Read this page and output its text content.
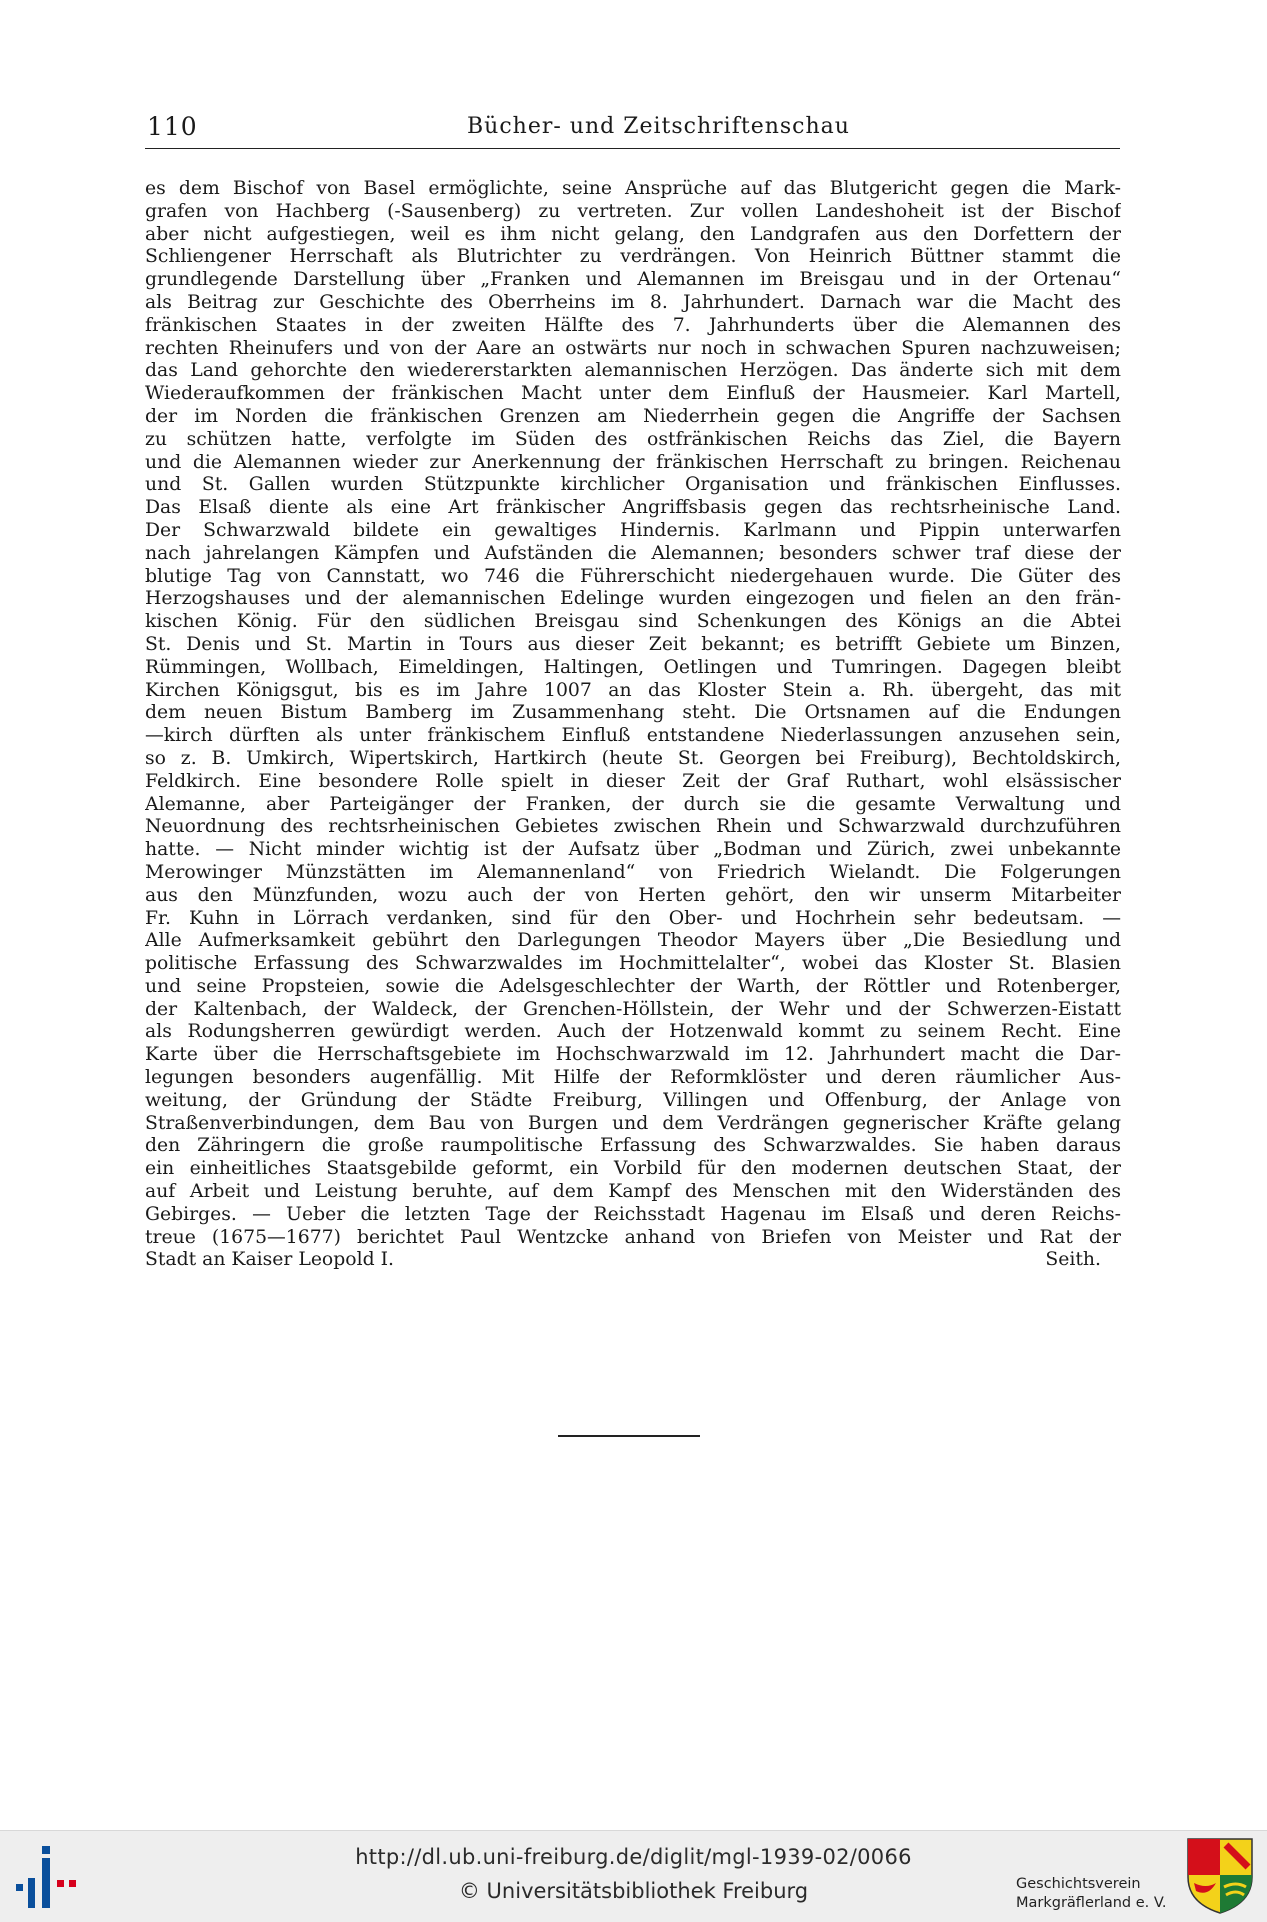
110	Bücher- und Zeitschriftenschau
es dem Bischof von Basel ermöglichte, seine Ansprüche auf das Blutgericht gegen die Mark-
grafen von Hachberg (-Sausenberg) zu vertreten. Zur vollen Landeshoheit ist der Bischof
aber nicht aufgestiegen, weil es ihm nicht gelang, den Landgrafen aus den Dorfettern der
Schliengener Herrschaft als Blutrichter zu verdrängen. Von Heinrich Büttner stammt die
grundlegende Darstellung über „Franken und Alemannen im Breisgau und in der Ortenau“
als Beitrag zur Geschichte des Oberrheins im 8. Jahrhundert. Darnach war die Macht des
fränkischen Staates in der zweiten Hälfte des 7. Jahrhunderts über die Alemannen des
rechten Rheinufers und von der Aare an ostwärts nur noch in schwachen Spuren nachzuweisen;
das Land gehorchte den wiedererstarkten alemannischen Herzögen. Das änderte sich mit dem
Wiederaufkommen der fränkischen Macht unter dem Einfluß der Hausmeier. Karl Martell,
der im Norden die fränkischen Grenzen am Niederrhein gegen die Angriffe der Sachsen
zu schützen hatte, verfolgte im Süden des ostfränkischen Reichs das Ziel, die Bayern
und die Alemannen wieder zur Anerkennung der fränkischen Herrschaft zu bringen. Reichenau
und St. Gallen wurden Stützpunkte kirchlicher Organisation und fränkischen Einflusses.
Das Elsaß diente als eine Art fränkischer Angriffsbasis gegen das rechtsrheinische Land.
Der Schwarzwald bildete ein gewaltiges Hindernis. Karlmann und Pippin unterwarfen
nach jahrelangen Kämpfen und Aufständen die Alemannen; besonders schwer traf diese der
blutige Tag von Cannstatt, wo 746 die Führerschicht niedergehauen wurde. Die Güter des
Herzogshauses und der alemannischen Edelinge wurden eingezogen und fielen an den frän-
kischen König. Für den südlichen Breisgau sind Schenkungen des Königs an die Abtei
St. Denis und St. Martin in Tours aus dieser Zeit bekannt; es betrifft Gebiete um Binzen,
Rümmingen, Wollbach, Eimeldingen, Haltingen, Oetlingen und Tumringen. Dagegen bleibt
Kirchen Königsgut, bis es im Jahre 1007 an das Kloster Stein a. Rh. übergeht, das mit
dem neuen Bistum Bamberg im Zusammenhang steht. Die Ortsnamen auf die Endungen
—kirch dürften als unter fränkischem Einfluß entstandene Niederlassungen anzusehen sein,
so z. B. Umkirch, Wipertskirch, Hartkirch (heute St. Georgen bei Freiburg), Bechtoldskirch,
Feldkirch. Eine besondere Rolle spielt in dieser Zeit der Graf Ruthart, wohl elsässischer
Alemanne, aber Parteigänger der Franken, der durch sie die gesamte Verwaltung und
Neuordnung des rechtsrheinischen Gebietes zwischen Rhein und Schwarzwald durchzuführen
hatte. — Nicht minder wichtig ist der Aufsatz über „Bodman und Zürich, zwei unbekannte
Merowinger Münzstätten im Alemannenland“ von Friedrich Wielandt. Die Folgerungen
aus den Münzfunden, wozu auch der von Herten gehört, den wir unserm Mitarbeiter
Fr. Kuhn in Lörrach verdanken, sind für den Ober- und Hochrhein sehr bedeutsam. —
Alle Aufmerksamkeit gebührt den Darlegungen Theodor Mayers über „Die Besiedlung und
politische Erfassung des Schwarzwaldes im Hochmittelalter“, wobei das Kloster St. Blasien
und seine Propsteien, sowie die Adelsgeschlechter der Warth, der Röttler und Rotenberger,
der Kaltenbach, der Waldeck, der Grenchen-Höllstein, der Wehr und der Schwerzen-Eistatt
als Rodungsherren gewürdigt werden. Auch der Hotzenwald kommt zu seinem Recht. Eine
Karte über die Herrschaftsgebiete im Hochschwarzwald im 12. Jahrhundert macht die Dar-
legungen besonders augenfällig. Mit Hilfe der Reformklöster und deren räumlicher Aus-
weitung, der Gründung der Städte Freiburg, Villingen und Offenburg, der Anlage von
Straßenverbindungen, dem Bau von Burgen und dem Verdrängen gegnerischer Kräfte gelang
den Zähringern die große raumpolitische Erfassung des Schwarzwaldes. Sie haben daraus
ein einheitliches Staatsgebilde geformt, ein Vorbild für den modernen deutschen Staat, der
auf Arbeit und Leistung beruhte, auf dem Kampf des Menschen mit den Widerständen des
Gebirges. — Ueber die letzten Tage der Reichsstadt Hagenau im Elsaß und deren Reichs-
treue (1675—1677) berichtet Paul Wentzcke anhand von Briefen von Meister und Rat der
Stadt an Kaiser Leopold I.	Seith.
http://dl.ub.uni-freiburg.de/diglit/mgl-1939-02/0066
© Universitätsbibliothek Freiburg	Geschichtsverein
Markgräflerland e. V.
